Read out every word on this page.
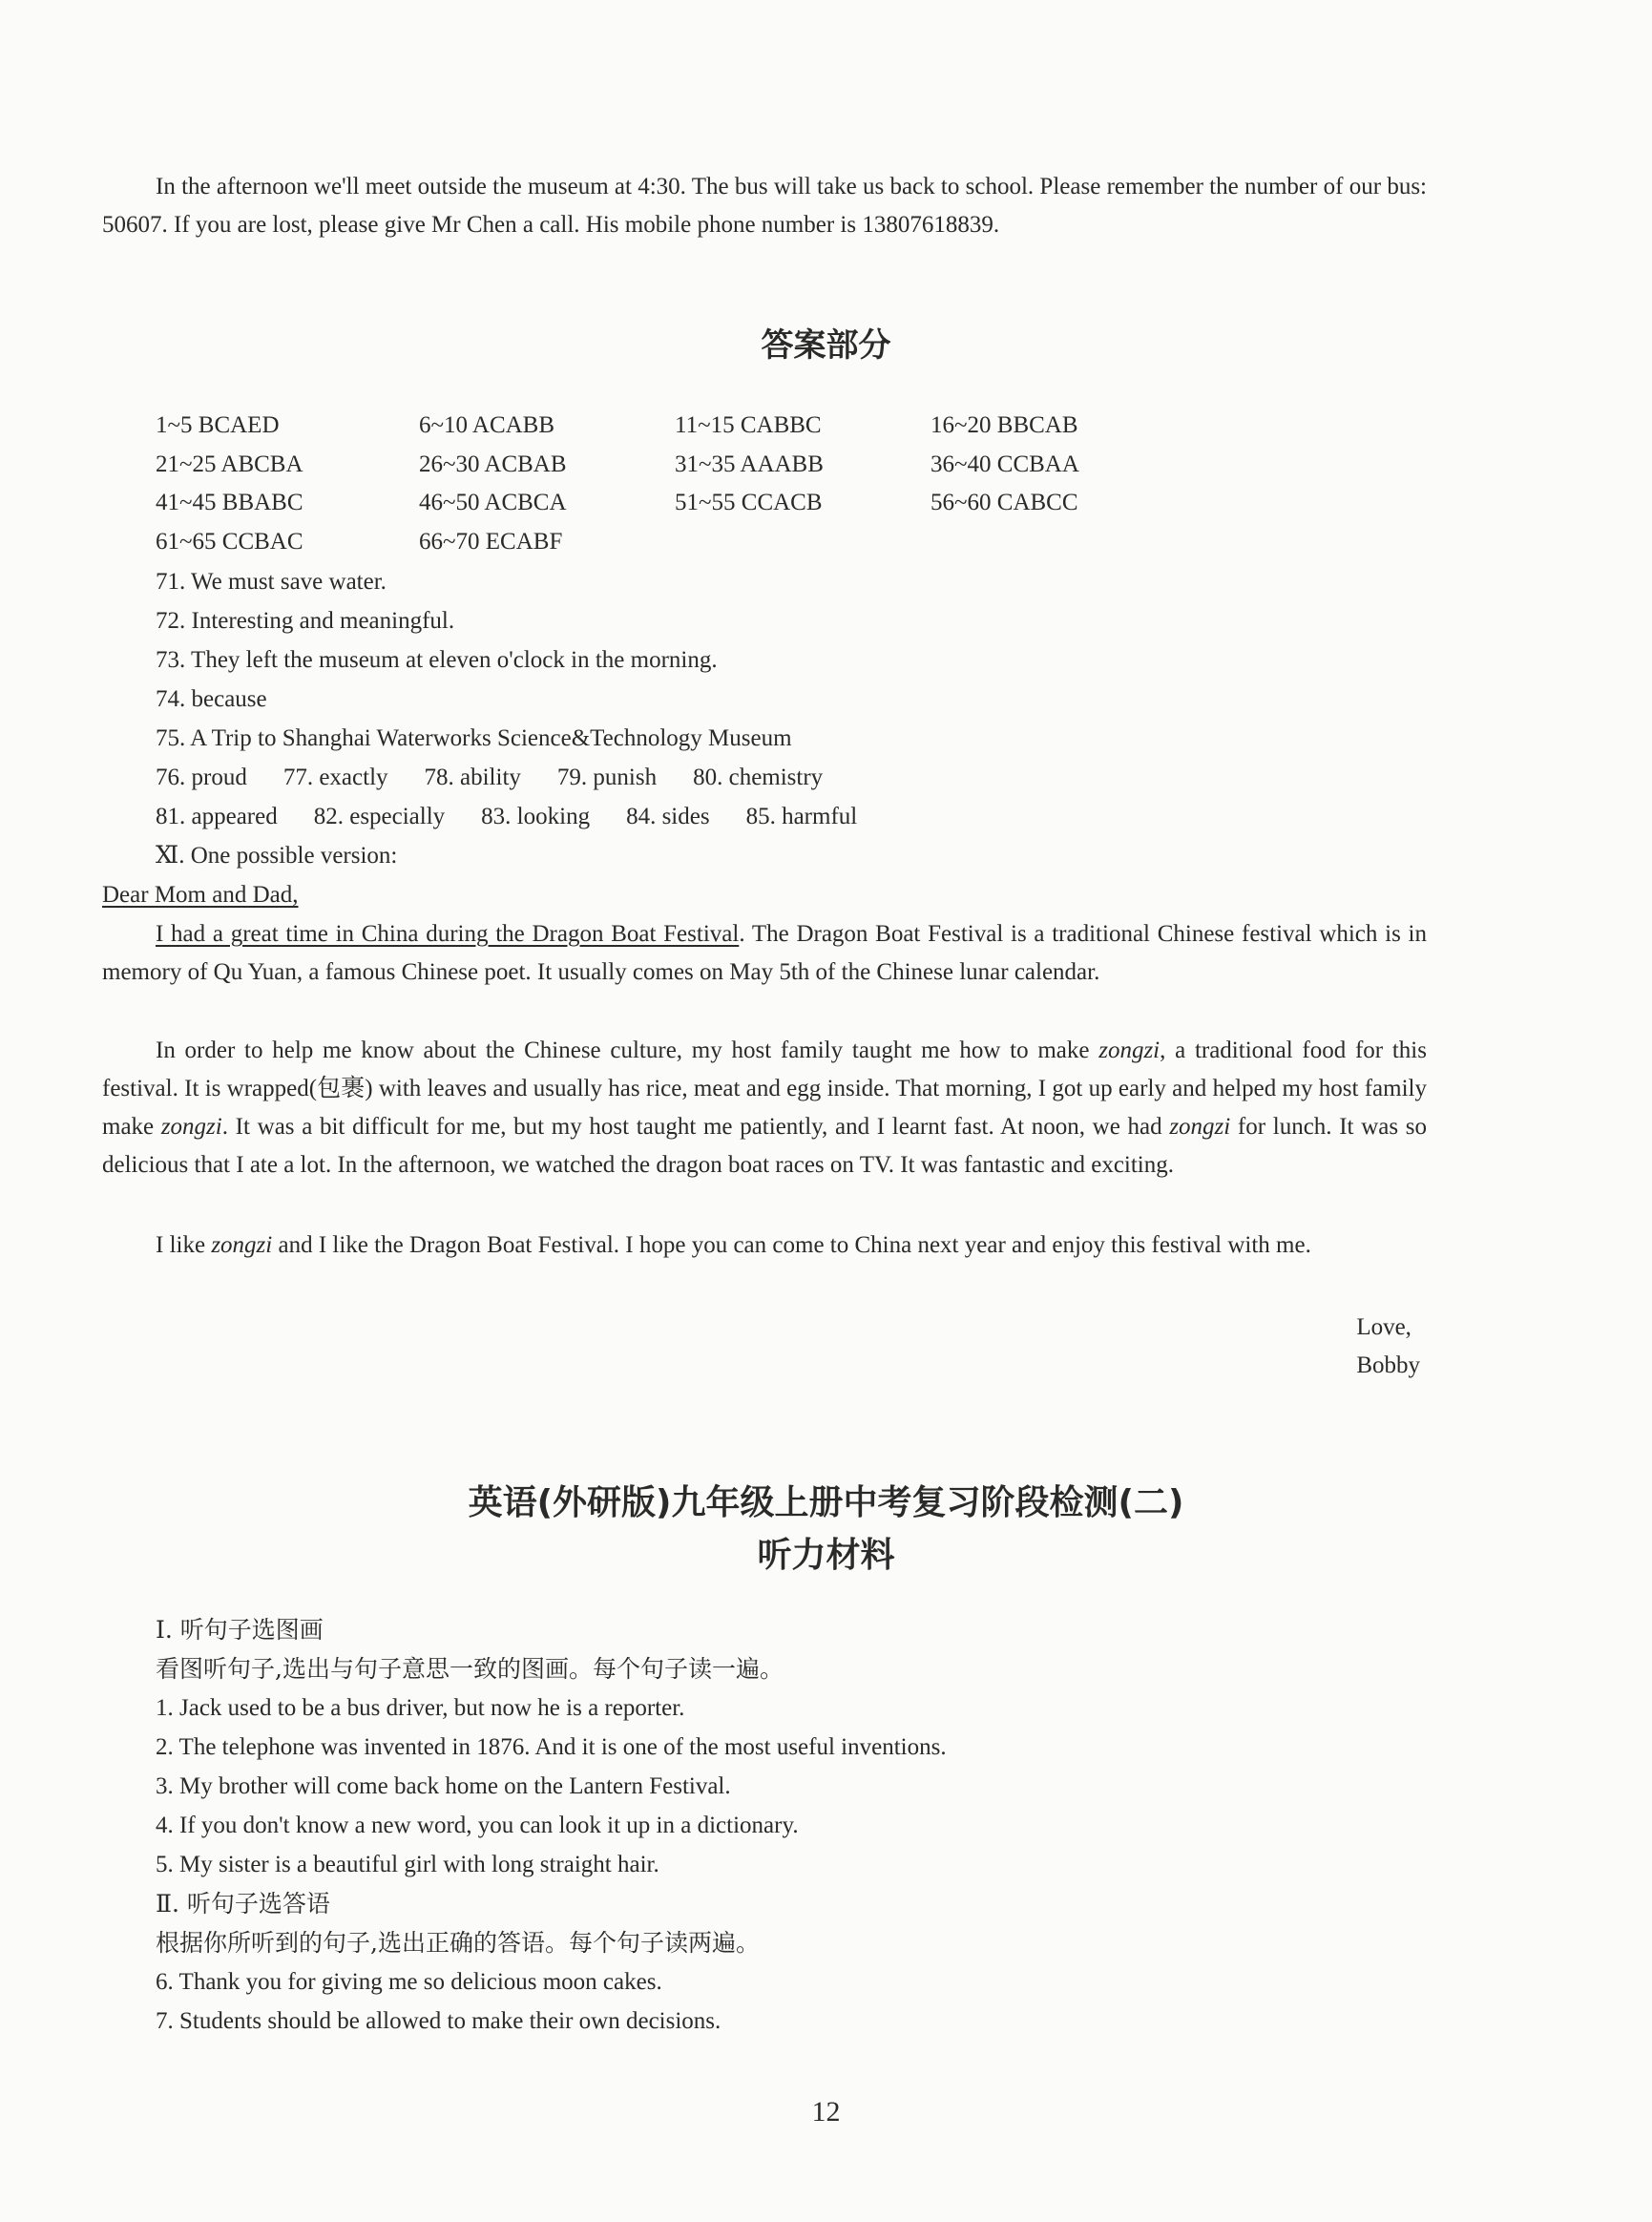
In the afternoon we'll meet outside the museum at 4:30. The bus will take us back to school. Please remember the number of our bus: 50607. If you are lost, please give Mr Chen a call. His mobile phone number is 13807618839.

答案部分
1~5 BCAED	6~10 ACABB	11~15 CABBC	16~20 BBCAB
21~25 ABCBA	26~30 ACBAB	31~35 AAABB	36~40 CCBAA
41~45 BBABC	46~50 ACBCA	51~55 CCACB	56~60 CABCC
61~65 CCBAC	66~70 ECABF

71. We must save water.

72. Interesting and meaningful.

73. They left the museum at eleven o'clock in the morning.

74. because

75. A Trip to Shanghai Waterworks Science&Technology Museum

76. proud 77. exactly 78. ability 79. punish 80. chemistry

81. appeared 82. especially 83. looking 84. sides 85. harmful

Ⅺ. One possible version:

Dear Mom and Dad,

I had a great time in China during the Dragon Boat Festival. The Dragon Boat Festival is a traditional Chinese festival which is in memory of Qu Yuan, a famous Chinese poet. It usually comes on May 5th of the Chinese lunar calendar.

In order to help me know about the Chinese culture, my host family taught me how to make zongzi, a traditional food for this festival. It is wrapped(包裹) with leaves and usually has rice, meat and egg inside. That morning, I got up early and helped my host family make zongzi. It was a bit difficult for me, but my host taught me patiently, and I learnt fast. At noon, we had zongzi for lunch. It was so delicious that I ate a lot. In the afternoon, we watched the dragon boat races on TV. It was fantastic and exciting.

I like zongzi and I like the Dragon Boat Festival. I hope you can come to China next year and enjoy this festival with me.

Love,
Bobby
英语(外研版)九年级上册中考复习阶段检测(二)
听力材料

Ⅰ. 听句子选图画

看图听句子,选出与句子意思一致的图画。每个句子读一遍。

1. Jack used to be a bus driver, but now he is a reporter.

2. The telephone was invented in 1876. And it is one of the most useful inventions.

3. My brother will come back home on the Lantern Festival.

4. If you don't know a new word, you can look it up in a dictionary.

5. My sister is a beautiful girl with long straight hair.

Ⅱ. 听句子选答语

根据你所听到的句子,选出正确的答语。每个句子读两遍。

6. Thank you for giving me so delicious moon cakes.

7. Students should be allowed to make their own decisions.

12
